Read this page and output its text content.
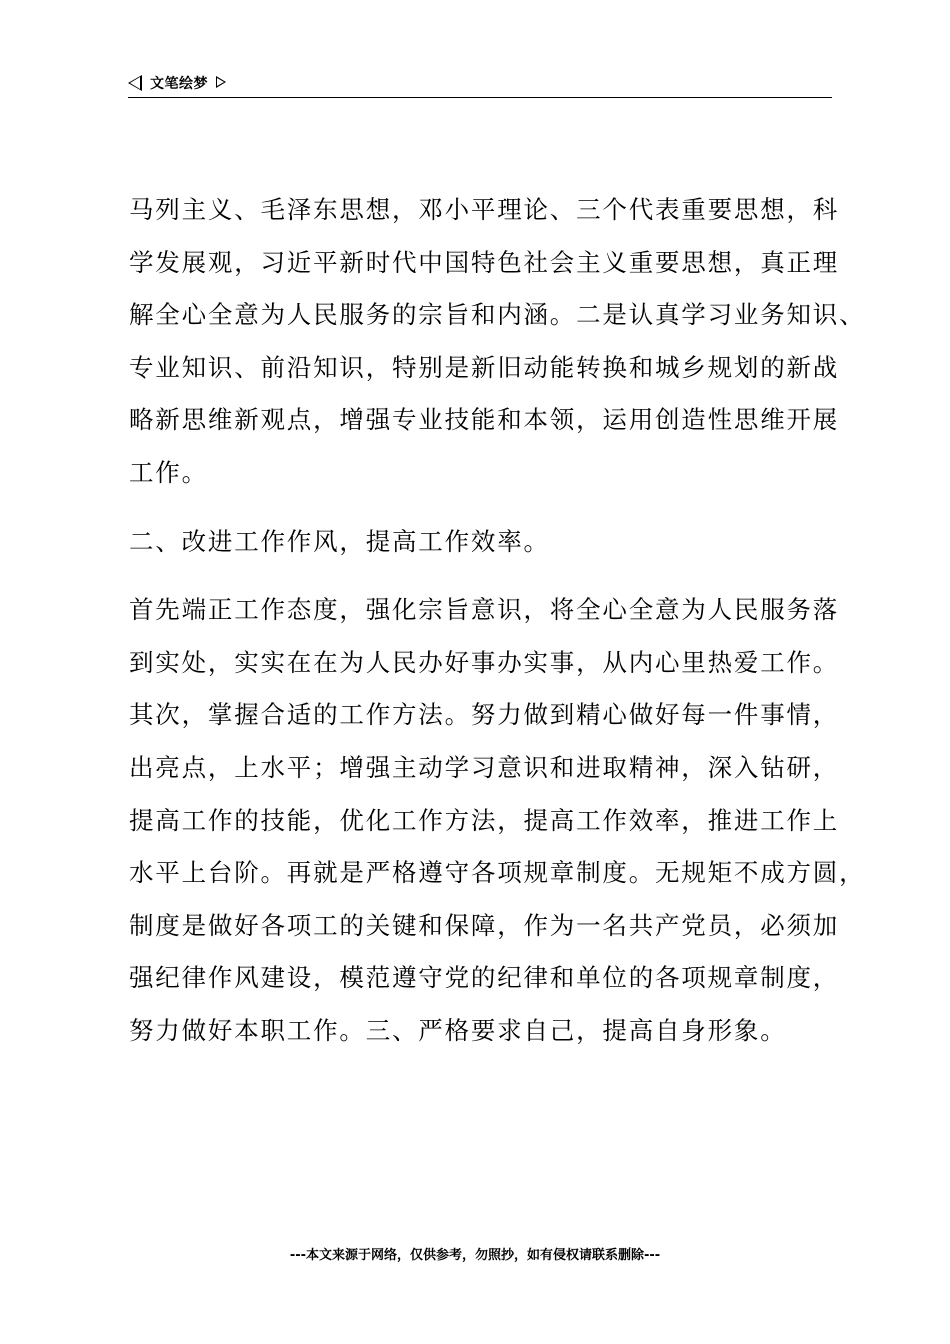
文笔绘梦
马列主义、毛泽东思想，邓小平理论、三个代表重要思想，科
学发展观，习近平新时代中国特色社会主义重要思想，真正理
解全心全意为人民服务的宗旨和内涵。二是认真学习业务知识、
专业知识、前沿知识，特别是新旧动能转换和城乡规划的新战
略新思维新观点，增强专业技能和本领，运用创造性思维开展
工作。
二、改进工作作风，提高工作效率。
首先端正工作态度，强化宗旨意识，将全心全意为人民服务落
到实处，实实在在为人民办好事办实事，从内心里热爱工作。
其次，掌握合适的工作方法。努力做到精心做好每一件事情，
出亮点，上水平；增强主动学习意识和进取精神，深入钻研，
提高工作的技能，优化工作方法，提高工作效率，推进工作上
水平上台阶。再就是严格遵守各项规章制度。无规矩不成方圆，
制度是做好各项工的关键和保障，作为一名共产党员，必须加
强纪律作风建设，模范遵守党的纪律和单位的各项规章制度，
努力做好本职工作。三、严格要求自己，提高自身形象。
---本文来源于网络，仅供参考，勿照抄，如有侵权请联系删除---
